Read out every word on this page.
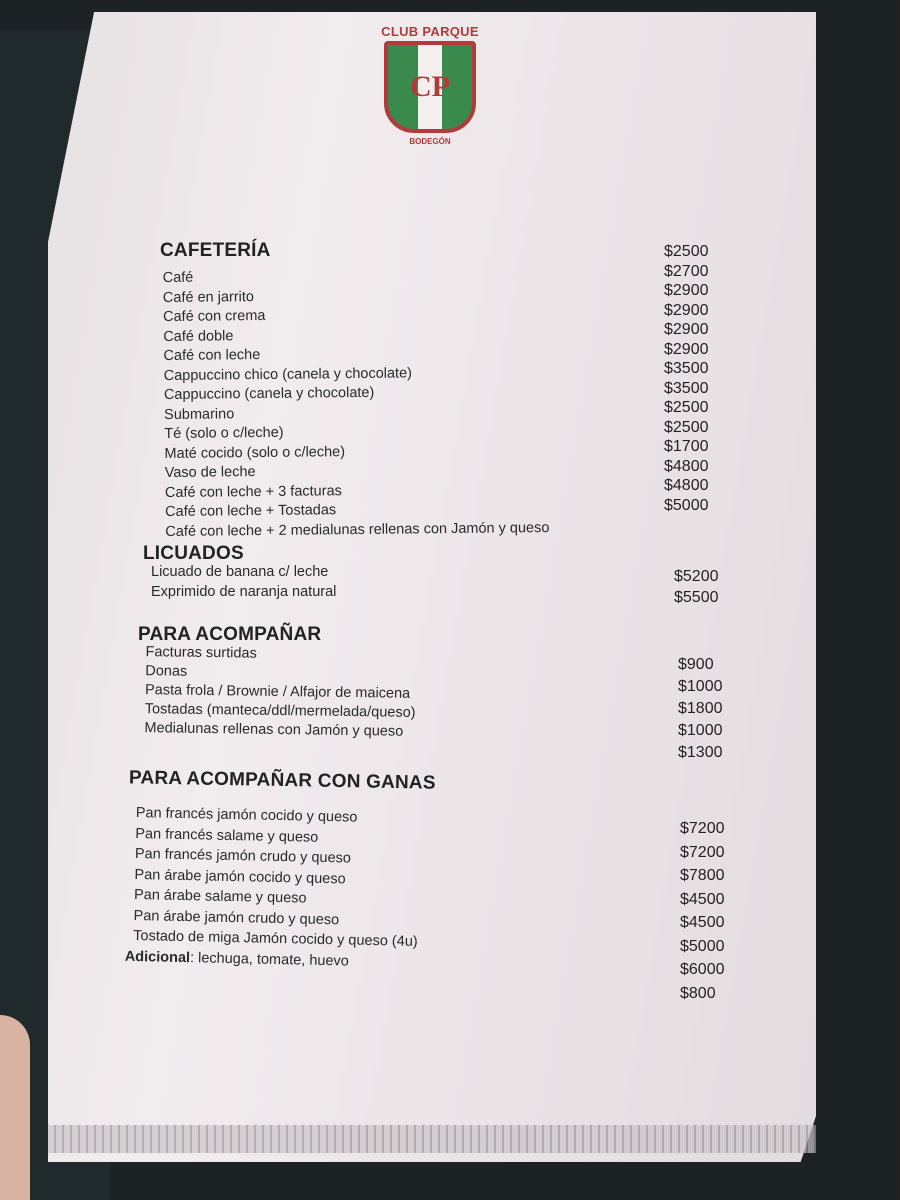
CLUB PARQUE
CP
BODEGÓN
CAFETERÍA
Café
Café en jarrito
Café con crema
Café doble
Café con leche
Cappuccino chico (canela y chocolate)
Cappuccino (canela y chocolate)
Submarino
Té (solo o c/leche)
Maté cocido (solo o c/leche)
Vaso de leche
Café con leche + 3 facturas
Café con leche + Tostadas
Café con leche + 2 medialunas rellenas con Jamón y queso
$2500
$2700
$2900
$2900
$2900
$2900
$3500
$3500
$2500
$2500
$1700
$4800
$4800
$5000
LICUADOS
Licuado de banana c/ leche
Exprimido de naranja natural
$5200
$5500
PARA ACOMPAÑAR
Facturas surtidas
Donas
Pasta frola / Brownie / Alfajor de maicena
Tostadas (manteca/ddl/mermelada/queso)
Medialunas rellenas con Jamón y queso
$900
$1000
$1800
$1000
$1300
PARA ACOMPAÑAR CON GANAS
Pan francés jamón cocido y queso
Pan francés salame y queso
Pan francés jamón crudo y queso
Pan árabe jamón cocido y queso
Pan árabe salame y queso
Pan árabe jamón crudo y queso
Tostado de miga Jamón cocido y queso (4u)
Adicional: lechuga, tomate, huevo
$7200
$7200
$7800
$4500
$4500
$5000
$6000
$800
